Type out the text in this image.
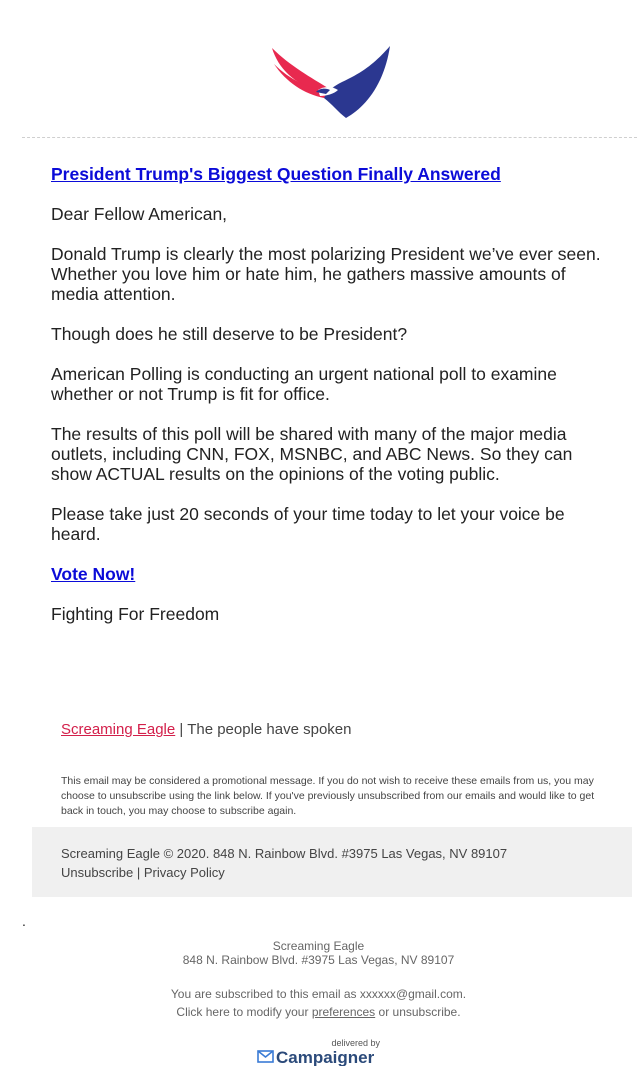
President Trump's Biggest Question Finally Answered

Dear Fellow American,

Donald Trump is clearly the most polarizing President we’ve ever seen. Whether you love him or hate him, he gathers massive amounts of media attention.

Though does he still deserve to be President?

American Polling is conducting an urgent national poll to examine whether or not Trump is fit for office.

The results of this poll will be shared with many of the major media outlets, including CNN, FOX, MSNBC, and ABC News. So they can show ACTUAL results on the opinions of the voting public.

Please take just 20 seconds of your time today to let your voice be heard.

Vote Now!

Fighting For Freedom

Screaming Eagle | The people have spoken
This email may be considered a promotional message. If you do not wish to receive these emails from us, you may choose to unsubscribe using the link below. If you've previously unsubscribed from our emails and would like to get back in touch, you may choose to subscribe again.
Screaming Eagle © 2020. 848 N. Rainbow Blvd. #3975 Las Vegas, NV 89107
Unsubscribe | Privacy Policy
.
Screaming Eagle
848 N. Rainbow Blvd. #3975 Las Vegas, NV 89107
You are subscribed to this email as xxxxxx@gmail.com.
Click here to modify your preferences or unsubscribe.
delivered by
Campaigner
